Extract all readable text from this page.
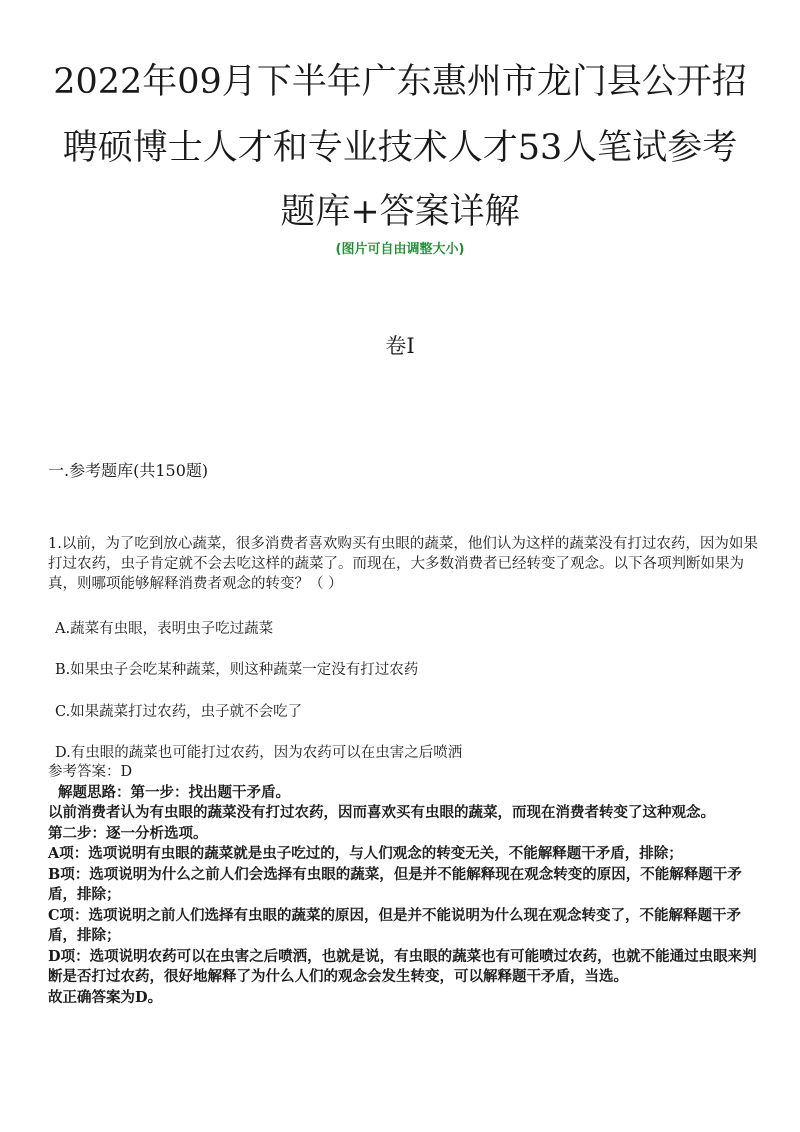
2022年09月下半年广东惠州市龙门县公开招
聘硕博士人才和专业技术人才53人笔试参考
题库+答案详解
(图片可自由调整大小)
卷I
一.参考题库(共150题)
1.以前，为了吃到放心蔬菜，很多消费者喜欢购买有虫眼的蔬菜，他们认为这样的蔬菜没有打过农药，因为如果打过农药，虫子肯定就不会去吃这样的蔬菜了。而现在，大多数消费者已经转变了观念。以下各项判断如果为真，则哪项能够解释消费者观念的转变？（ ）
A.蔬菜有虫眼，表明虫子吃过蔬菜
B.如果虫子会吃某种蔬菜，则这种蔬菜一定没有打过农药
C.如果蔬菜打过农药，虫子就不会吃了
D.有虫眼的蔬菜也可能打过农药，因为农药可以在虫害之后喷洒

参考答案：D

解题思路：第一步：找出题干矛盾。

以前消费者认为有虫眼的蔬菜没有打过农药，因而喜欢买有虫眼的蔬菜，而现在消费者转变了这种观念。

第二步：逐一分析选项。

A项：选项说明有虫眼的蔬菜就是虫子吃过的，与人们观念的转变无关，不能解释题干矛盾，排除；

B项：选项说明为什么之前人们会选择有虫眼的蔬菜，但是并不能解释现在观念转变的原因，不能解释题干矛盾，排除；

C项：选项说明之前人们选择有虫眼的蔬菜的原因，但是并不能说明为什么现在观念转变了，不能解释题干矛盾，排除；

D项：选项说明农药可以在虫害之后喷洒，也就是说，有虫眼的蔬菜也有可能喷过农药，也就不能通过虫眼来判断是否打过农药，很好地解释了为什么人们的观念会发生转变，可以解释题干矛盾，当选。

故正确答案为D。
